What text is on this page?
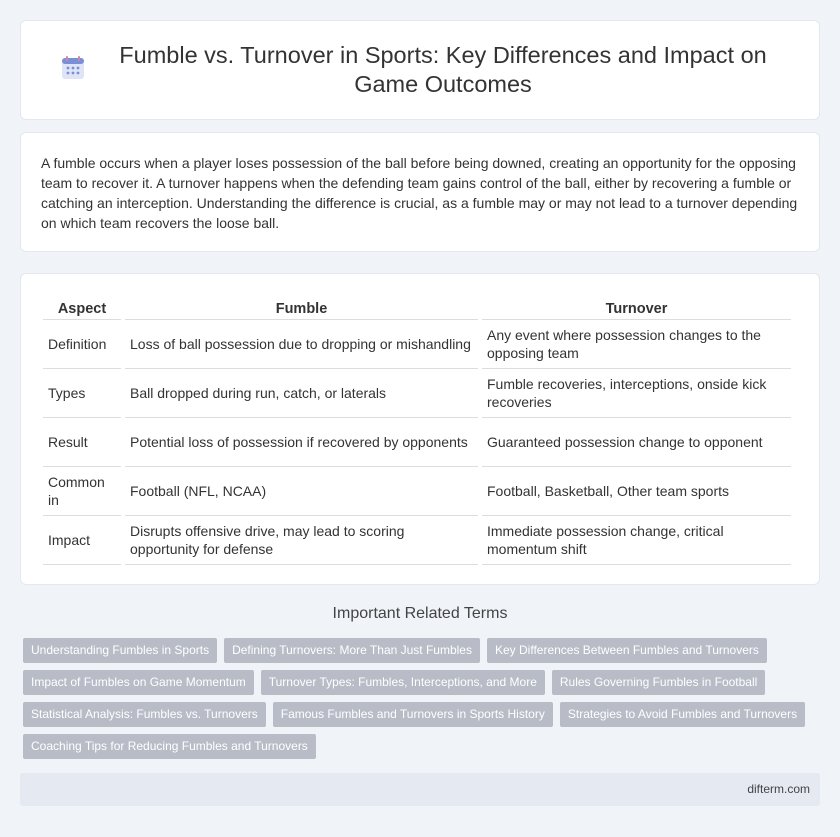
Fumble vs. Turnover in Sports: Key Differences and Impact on Game Outcomes

A fumble occurs when a player loses possession of the ball before being downed, creating an opportunity for the opposing team to recover it. A turnover happens when the defending team gains control of the ball, either by recovering a fumble or catching an interception. Understanding the difference is crucial, as a fumble may or may not lead to a turnover depending on which team recovers the loose ball.

Aspect	Fumble	Turnover
Definition	Loss of ball possession due to dropping or mishandling	Any event where possession changes to the opposing team
Types	Ball dropped during run, catch, or laterals	Fumble recoveries, interceptions, onside kick recoveries
Result	Potential loss of possession if recovered by opponents	Guaranteed possession change to opponent
Common in	Football (NFL, NCAA)	Football, Basketball, Other team sports
Impact	Disrupts offensive drive, may lead to scoring opportunity for defense	Immediate possession change, critical momentum shift
Important Related Terms
Understanding Fumbles in Sports	Defining Turnovers: More Than Just Fumbles	Key Differences Between Fumbles and Turnovers
Impact of Fumbles on Game Momentum	Turnover Types: Fumbles, Interceptions, and More	Rules Governing Fumbles in Football
Statistical Analysis: Fumbles vs. Turnovers	Famous Fumbles and Turnovers in Sports History	Strategies to Avoid Fumbles and Turnovers
Coaching Tips for Reducing Fumbles and Turnovers
difterm.com
